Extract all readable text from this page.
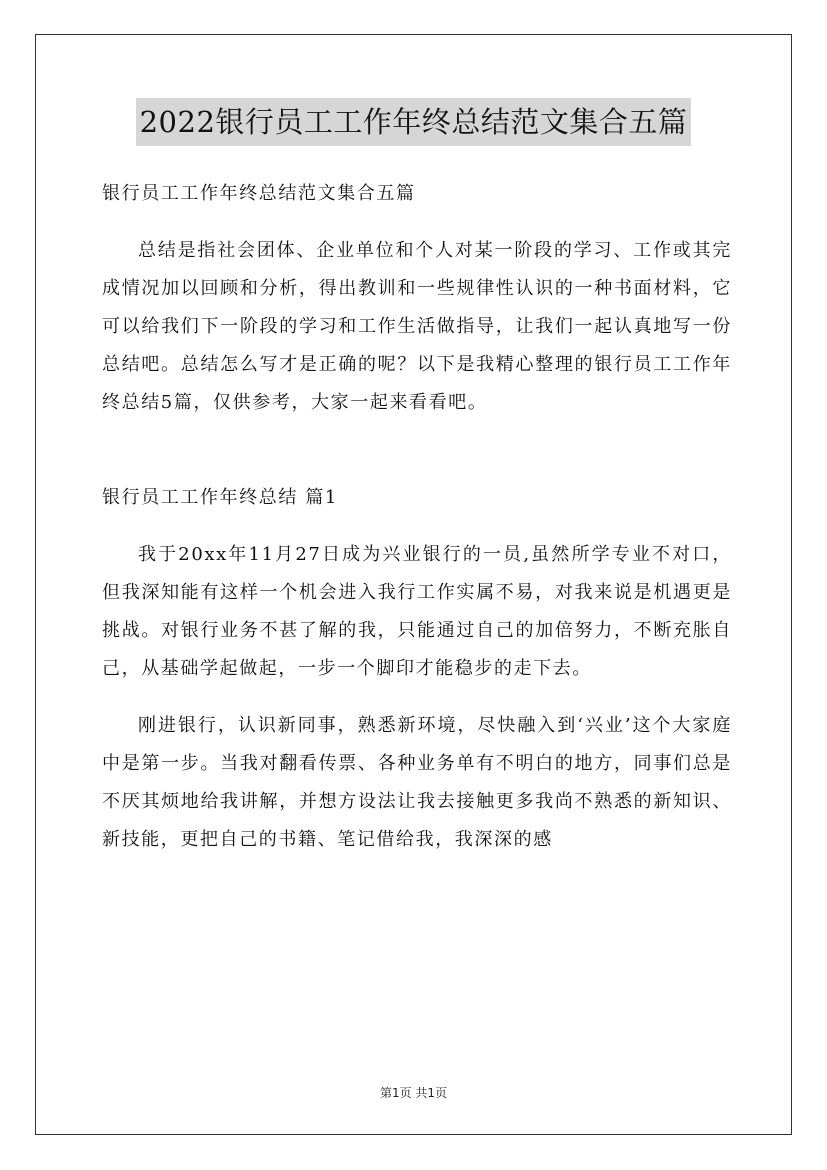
2022银行员工工作年终总结范文集合五篇

银行员工工作年终总结范文集合五篇

总结是指社会团体、企业单位和个人对某一阶段的学习、工作或其完成情况加以回顾和分析，得出教训和一些规律性认识的一种书面材料，它可以给我们下一阶段的学习和工作生活做指导，让我们一起认真地写一份总结吧。总结怎么写才是正确的呢？以下是我精心整理的银行员工工作年终总结5篇，仅供参考，大家一起来看看吧。

银行员工工作年终总结 篇1

我于20xx年11月27日成为兴业银行的一员,虽然所学专业不对口，但我深知能有这样一个机会进入我行工作实属不易，对我来说是机遇更是挑战。对银行业务不甚了解的我，只能通过自己的加倍努力，不断充胀自己，从基础学起做起，一步一个脚印才能稳步的走下去。

刚进银行，认识新同事，熟悉新环境，尽快融入到‘兴业’这个大家庭中是第一步。当我对翻看传票、各种业务单有不明白的地方，同事们总是不厌其烦地给我讲解，并想方设法让我去接触更多我尚不熟悉的新知识、新技能，更把自己的书籍、笔记借给我，我深深的感

第1页 共1页
